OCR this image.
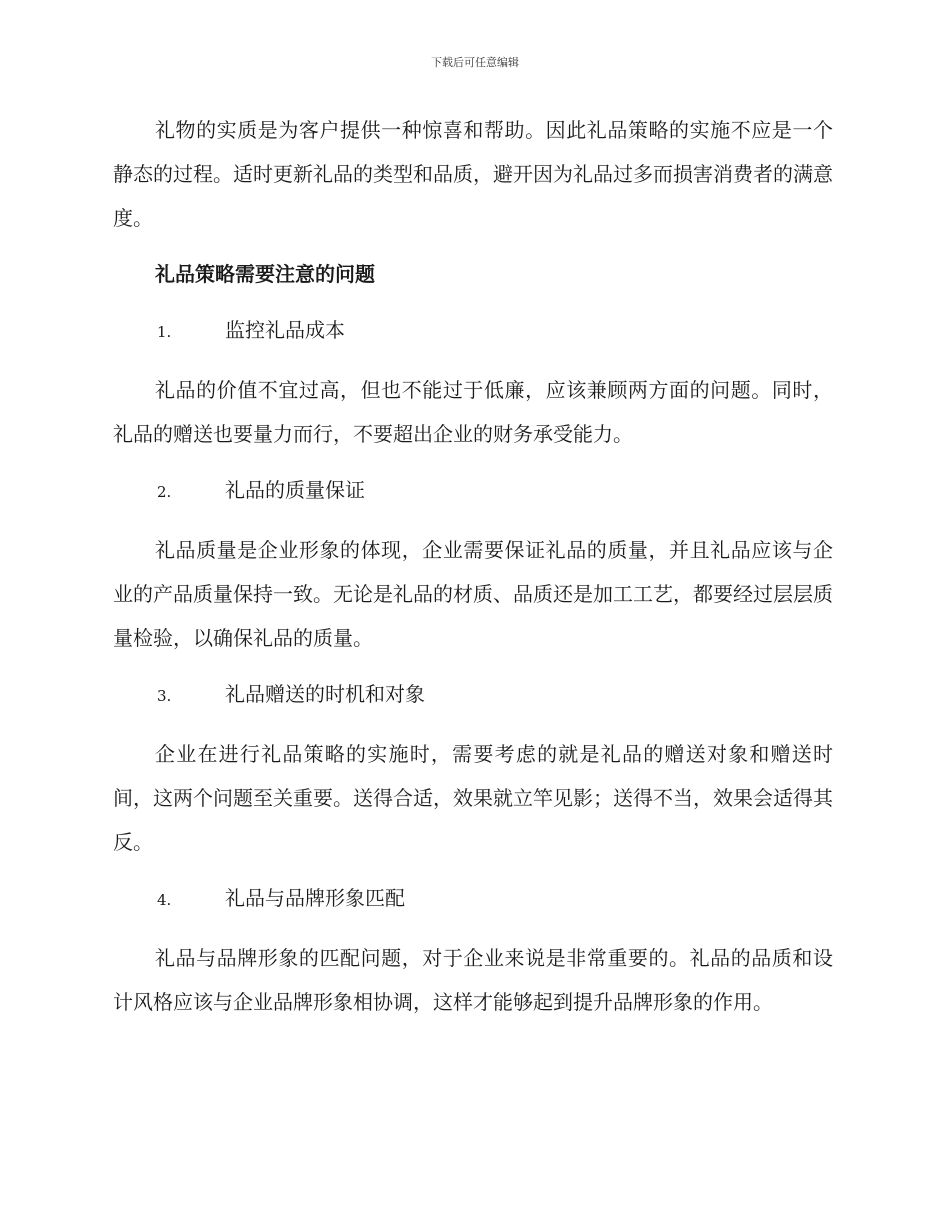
下载后可任意编辑

礼物的实质是为客户提供一种惊喜和帮助。因此礼品策略的实施不应是一个静态的过程。适时更新礼品的类型和品质，避开因为礼品过多而损害消费者的满意度。

礼品策略需要注意的问题
1.	监控礼品成本

礼品的价值不宜过高，但也不能过于低廉，应该兼顾两方面的问题。同时，礼品的赠送也要量力而行，不要超出企业的财务承受能力。

2.	礼品的质量保证

礼品质量是企业形象的体现，企业需要保证礼品的质量，并且礼品应该与企业的产品质量保持一致。无论是礼品的材质、品质还是加工工艺，都要经过层层质量检验，以确保礼品的质量。

3.	礼品赠送的时机和对象

企业在进行礼品策略的实施时，需要考虑的就是礼品的赠送对象和赠送时间，这两个问题至关重要。送得合适，效果就立竿见影；送得不当，效果会适得其反。

4.	礼品与品牌形象匹配

礼品与品牌形象的匹配问题，对于企业来说是非常重要的。礼品的品质和设计风格应该与企业品牌形象相协调，这样才能够起到提升品牌形象的作用。
